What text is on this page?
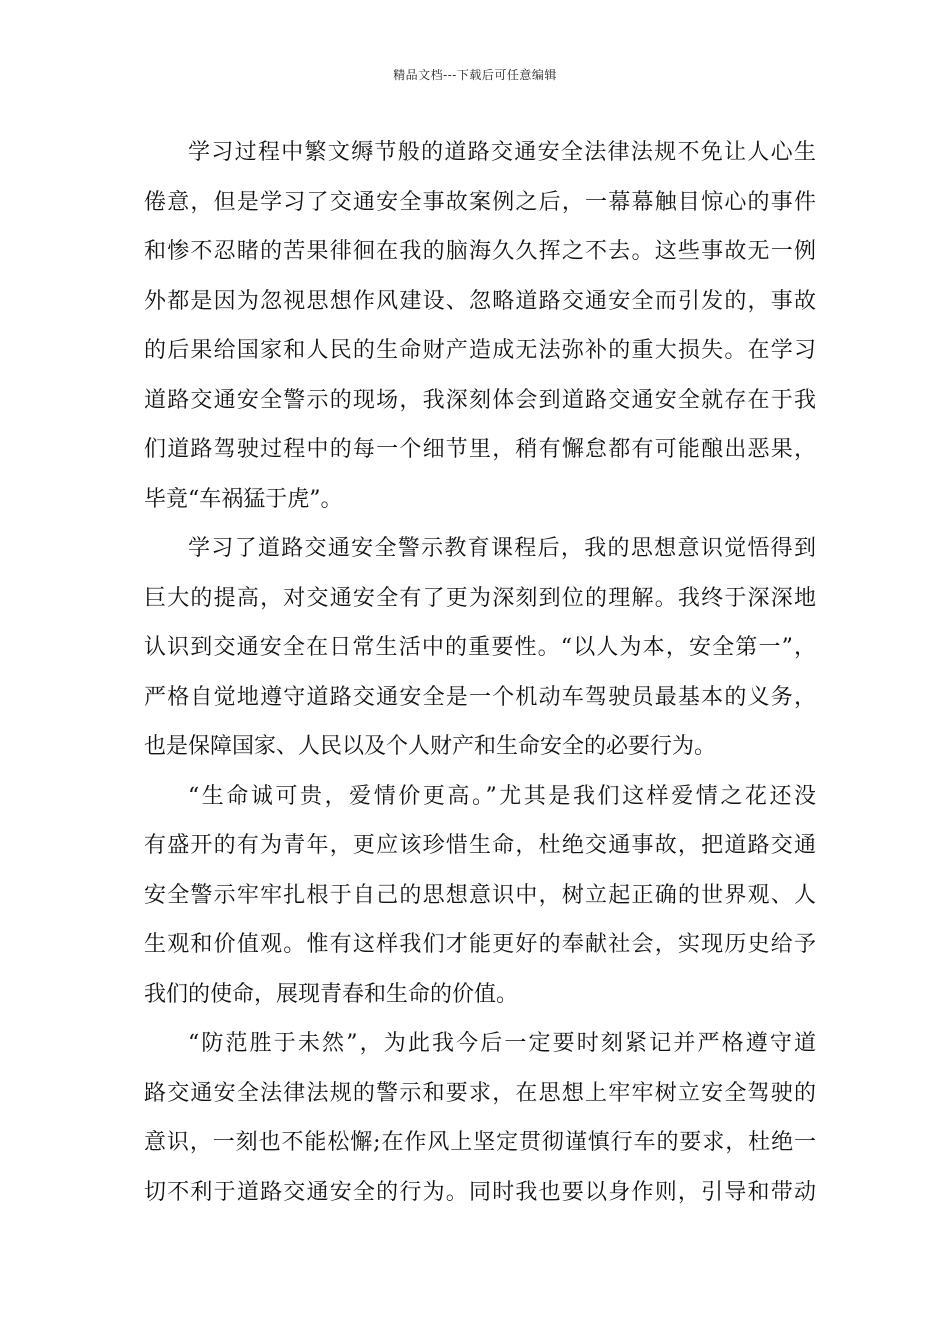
精品文档---下载后可任意编辑
学习过程中繁文缛节般的道路交通安全法律法规不免让人心生
倦意，但是学习了交通安全事故案例之后，一幕幕触目惊心的事件
和惨不忍睹的苦果徘徊在我的脑海久久挥之不去。这些事故无一例
外都是因为忽视思想作风建设、忽略道路交通安全而引发的，事故
的后果给国家和人民的生命财产造成无法弥补的重大损失。在学习
道路交通安全警示的现场，我深刻体会到道路交通安全就存在于我
们道路驾驶过程中的每一个细节里，稍有懈怠都有可能酿出恶果，
毕竟“车祸猛于虎”。
学习了道路交通安全警示教育课程后，我的思想意识觉悟得到
巨大的提高，对交通安全有了更为深刻到位的理解。我终于深深地
认识到交通安全在日常生活中的重要性。“以人为本，安全第一”，
严格自觉地遵守道路交通安全是一个机动车驾驶员最基本的义务，
也是保障国家、人民以及个人财产和生命安全的必要行为。
“生命诚可贵，爱情价更高。”尤其是我们这样爱情之花还没
有盛开的有为青年，更应该珍惜生命，杜绝交通事故，把道路交通
安全警示牢牢扎根于自己的思想意识中，树立起正确的世界观、人
生观和价值观。惟有这样我们才能更好的奉献社会，实现历史给予
我们的使命，展现青春和生命的价值。
“防范胜于未然”，为此我今后一定要时刻紧记并严格遵守道
路交通安全法律法规的警示和要求，在思想上牢牢树立安全驾驶的
意识，一刻也不能松懈;在作风上坚定贯彻谨慎行车的要求，杜绝一
切不利于道路交通安全的行为。同时我也要以身作则，引导和带动
